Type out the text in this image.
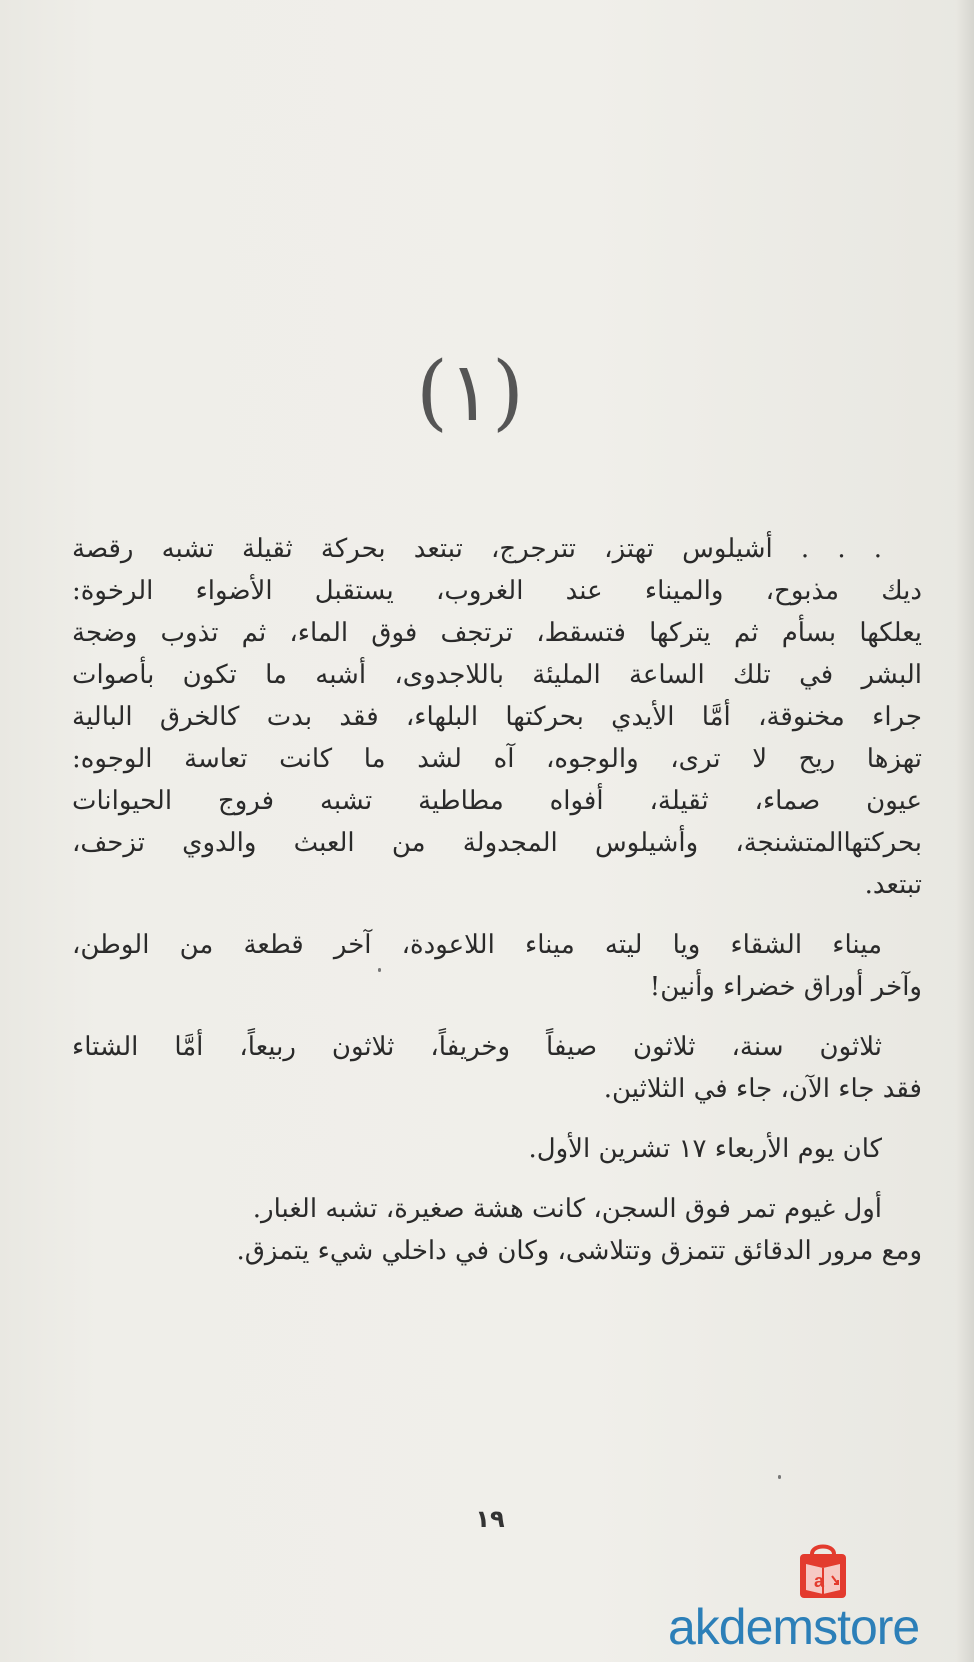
(١)

. . . أشيلوس تهتز، تترجرج، تبتعد بحركة ثقيلة تشبه رقصة
ديك مذبوح، والميناء عند الغروب، يستقبل الأضواء الرخوة:
يعلكها بسأم ثم يتركها فتسقط، ترتجف فوق الماء، ثم تذوب وضجة
البشر في تلك الساعة المليئة باللاجدوى، أشبه ما تكون بأصوات
جراء مخنوقة، أمَّا الأيدي بحركتها البلهاء، فقد بدت كالخرق البالية
تهزها ريح لا ترى، والوجوه، آه لشد ما كانت تعاسة الوجوه:
عيون صماء، ثقيلة، أفواه مطاطية تشبه فروج الحيوانات
بحركتهاالمتشنجة، وأشيلوس المجدولة من العبث والدوي تزحف،
تبتعد.

ميناء الشقاء ويا ليته ميناء اللاعودة، آخر قطعة من الوطن،
وآخر أوراق خضراء وأنين!

ثلاثون سنة، ثلاثون صيفاً وخريفاً، ثلاثون ربيعاً، أمَّا الشتاء
فقد جاء الآن، جاء في الثلاثين.

كان يوم الأربعاء ١٧ تشرين الأول.

أول غيوم تمر فوق السجن، كانت هشة صغيرة، تشبه الغبار.
ومع مرور الدقائق تتمزق وتتلاشى، وكان في داخلي شيء يتمزق.

١٩
a
akdemstore
